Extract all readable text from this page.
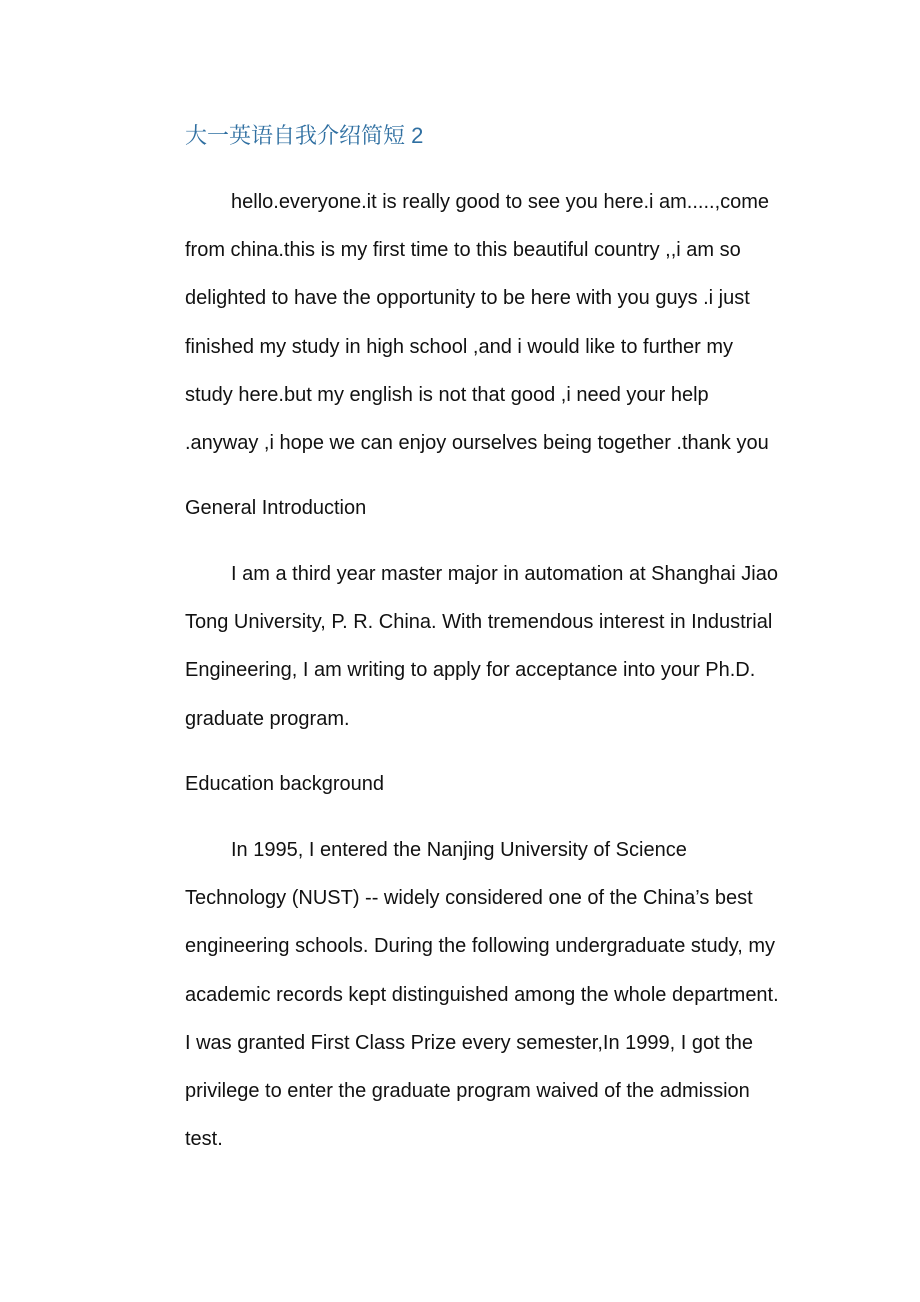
大一英语自我介绍简短 2
hello.everyone.it is really good to see you here.i am.....,come
from china.this is my first time to this beautiful country ,,i am so
delighted to have the opportunity to be here with you guys .i just
finished my study in high school ,and i would like to further my
study here.but my english is not that good ,i need your help
.anyway ,i hope we can enjoy ourselves being together .thank you
General Introduction
I am a third year master major in automation at Shanghai Jiao
Tong University, P. R. China. With tremendous interest in Industrial
Engineering, I am writing to apply for acceptance into your Ph.D.
graduate program.
Education background
In 1995, I entered the Nanjing University of Science
Technology (NUST) -- widely considered one of the China’s best
engineering schools. During the following undergraduate study, my
academic records kept distinguished among the whole department.
I was granted First Class Prize every semester,In 1999, I got the
privilege to enter the graduate program waived of the admission
test.
